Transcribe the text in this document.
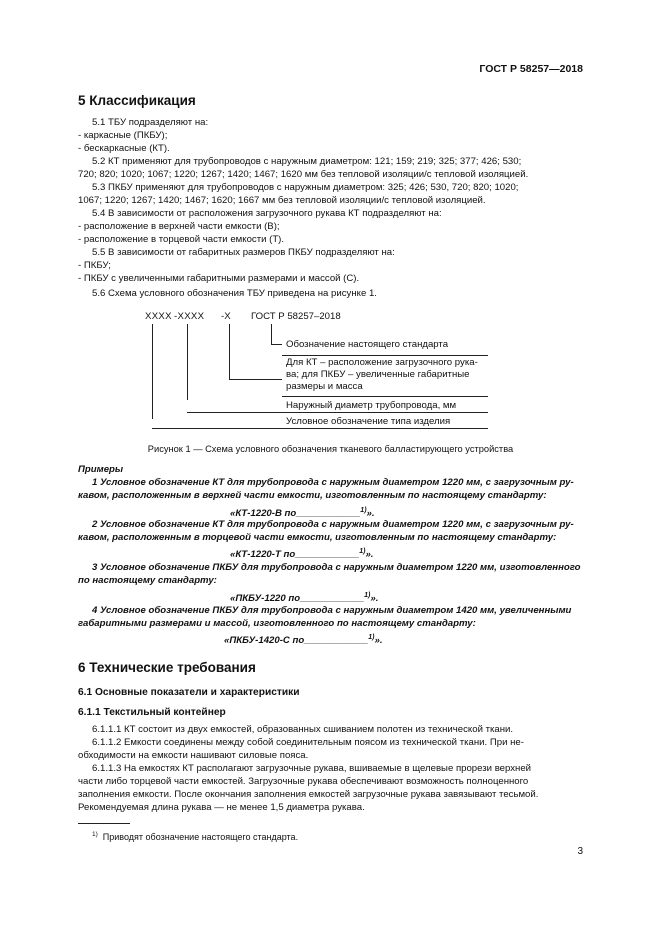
ГОСТ Р 58257—2018
5 Классификация
5.1 ТБУ подразделяют на:
- каркасные (ПКБУ);
- бескаркасные (КТ).
5.2 КТ применяют для трубопроводов с наружным диаметром: 121; 159; 219; 325; 377; 426; 530;
720; 820; 1020; 1067; 1220; 1267; 1420; 1467; 1620 мм без тепловой изоляции/с тепловой изоляцией.
5.3 ПКБУ применяют для трубопроводов с наружным диаметром: 325; 426; 530, 720; 820; 1020;
1067; 1220; 1267; 1420; 1467; 1620; 1667 мм без тепловой изоляции/с тепловой изоляцией.
5.4 В зависимости от расположения загрузочного рукава КТ подразделяют на:
- расположение в верхней части емкости (В);
- расположение в торцевой части емкости (Т).
5.5 В зависимости от габаритных размеров ПКБУ подразделяют на:
- ПКБУ;
- ПКБУ с увеличенными габаритными размерами и массой (С).
5.6 Схема условного обозначения ТБУ приведена на рисунке 1.
XXXX -XXXX -X ГОСТ Р 58257–2018
Обозначение настоящего стандарта
Для КТ – расположение загрузочного рука-
ва; для ПКБУ – увеличенные габаритные
размеры и масса
Наружный диаметр трубопровода, мм
Условное обозначение типа изделия
Рисунок 1 — Схема условного обозначения тканевого балластирующего устройства
Примеры
1 Условное обозначение КТ для трубопровода с наружным диаметром 1220 мм, с загрузочным ру-
кавом, расположенным в верхней части емкости, изготовленным по настоящему стандарту:
«КТ-1220-В по____________$^{1)}$».
2 Условное обозначение КТ для трубопровода с наружным диаметром 1220 мм, с загрузочным ру-
кавом, расположенным в торцевой части емкости, изготовленным по настоящему стандарту:
«КТ-1220-Т по____________$^{1)}$».
3 Условное обозначение ПКБУ для трубопровода с наружным диаметром 1220 мм, изготовленного
по настоящему стандарту:
«ПКБУ-1220 по____________$^{1)}$».
4 Условное обозначение ПКБУ для трубопровода с наружным диаметром 1420 мм, увеличенными
габаритными размерами и массой, изготовленного по настоящему стандарту:
«ПКБУ-1420-С по____________$^{1)}$».
6 Технические требования
6.1 Основные показатели и характеристики
6.1.1 Текстильный контейнер
6.1.1.1 КТ состоит из двух емкостей, образованных сшиванием полотен из технической ткани.
6.1.1.2 Емкости соединены между собой соединительным поясом из технической ткани. При не-
обходимости на емкости нашивают силовые пояса.
6.1.1.3 На емкостях КТ располагают загрузочные рукава, вшиваемые в щелевые прорези верхней
части либо торцевой части емкостей. Загрузочные рукава обеспечивают возможность полноценного
заполнения емкости. После окончания заполнения емкостей загрузочные рукава завязывают тесьмой.
Рекомендуемая длина рукава — не менее 1,5 диаметра рукава.
$^{1)}$ Приводят обозначение настоящего стандарта.
3
